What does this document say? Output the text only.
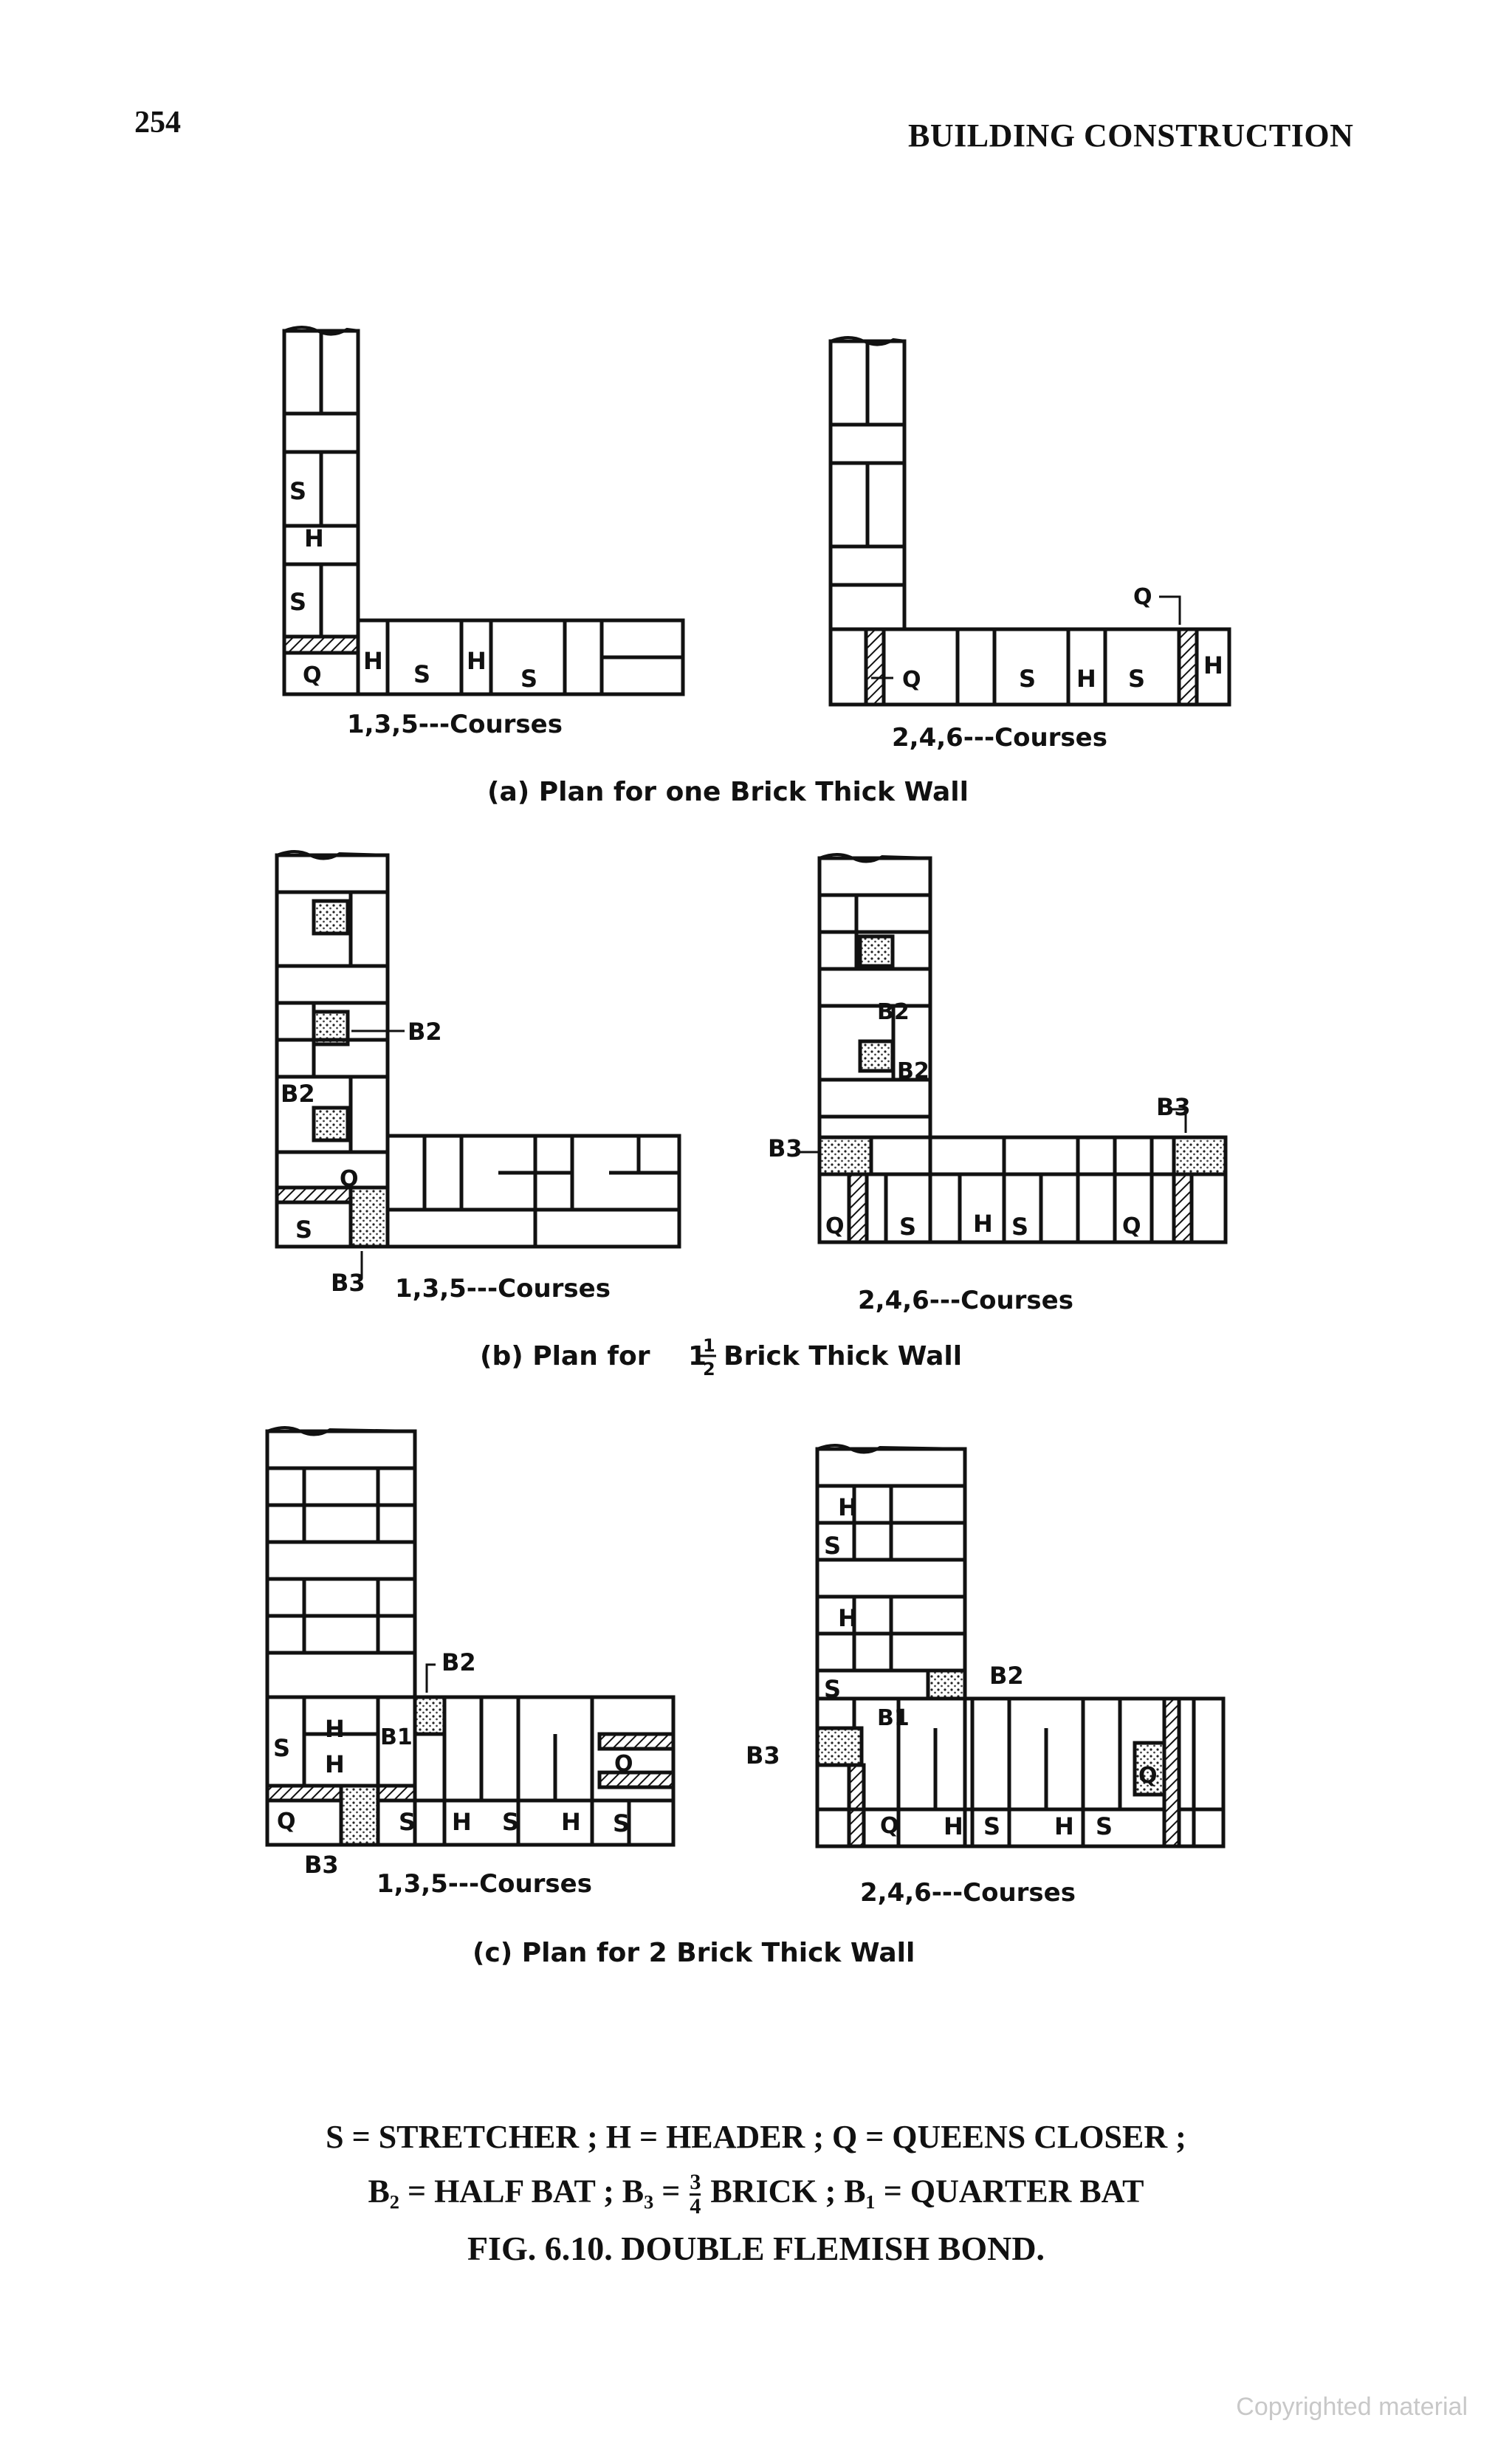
254	BUILDING CONSTRUCTION
S
H
S
Q
H S H
S	Q
Q
S H S H
B2
B2
Q
S
B3
B2
B2
B3
B3
Q S H S	Q
B2
S
H
H
B1
Q
Q
S H S H S
B3
H
S
H
S
B1
B2
B3
Q H S H S
Q
1,3,5---Courses	2,4,6---Courses
(a) Plan for one Brick Thick Wall
1,3,5---Courses	2,4,6---Courses
(b) Plan for 1
1
2 Brick Thick Wall
1,3,5---Courses	2,4,6---Courses
(c) Plan for 2 Brick Thick Wall
S = STRETCHER ; H = HEADER ; Q = QUEENS CLOSER ;
B₂ = HALF BAT ; $B_3 = \frac{3}{4}$ BRICK ; B₁ = QUARTER BAT
FIG. 6.10. DOUBLE FLEMISH BOND.
Copyrighted material
